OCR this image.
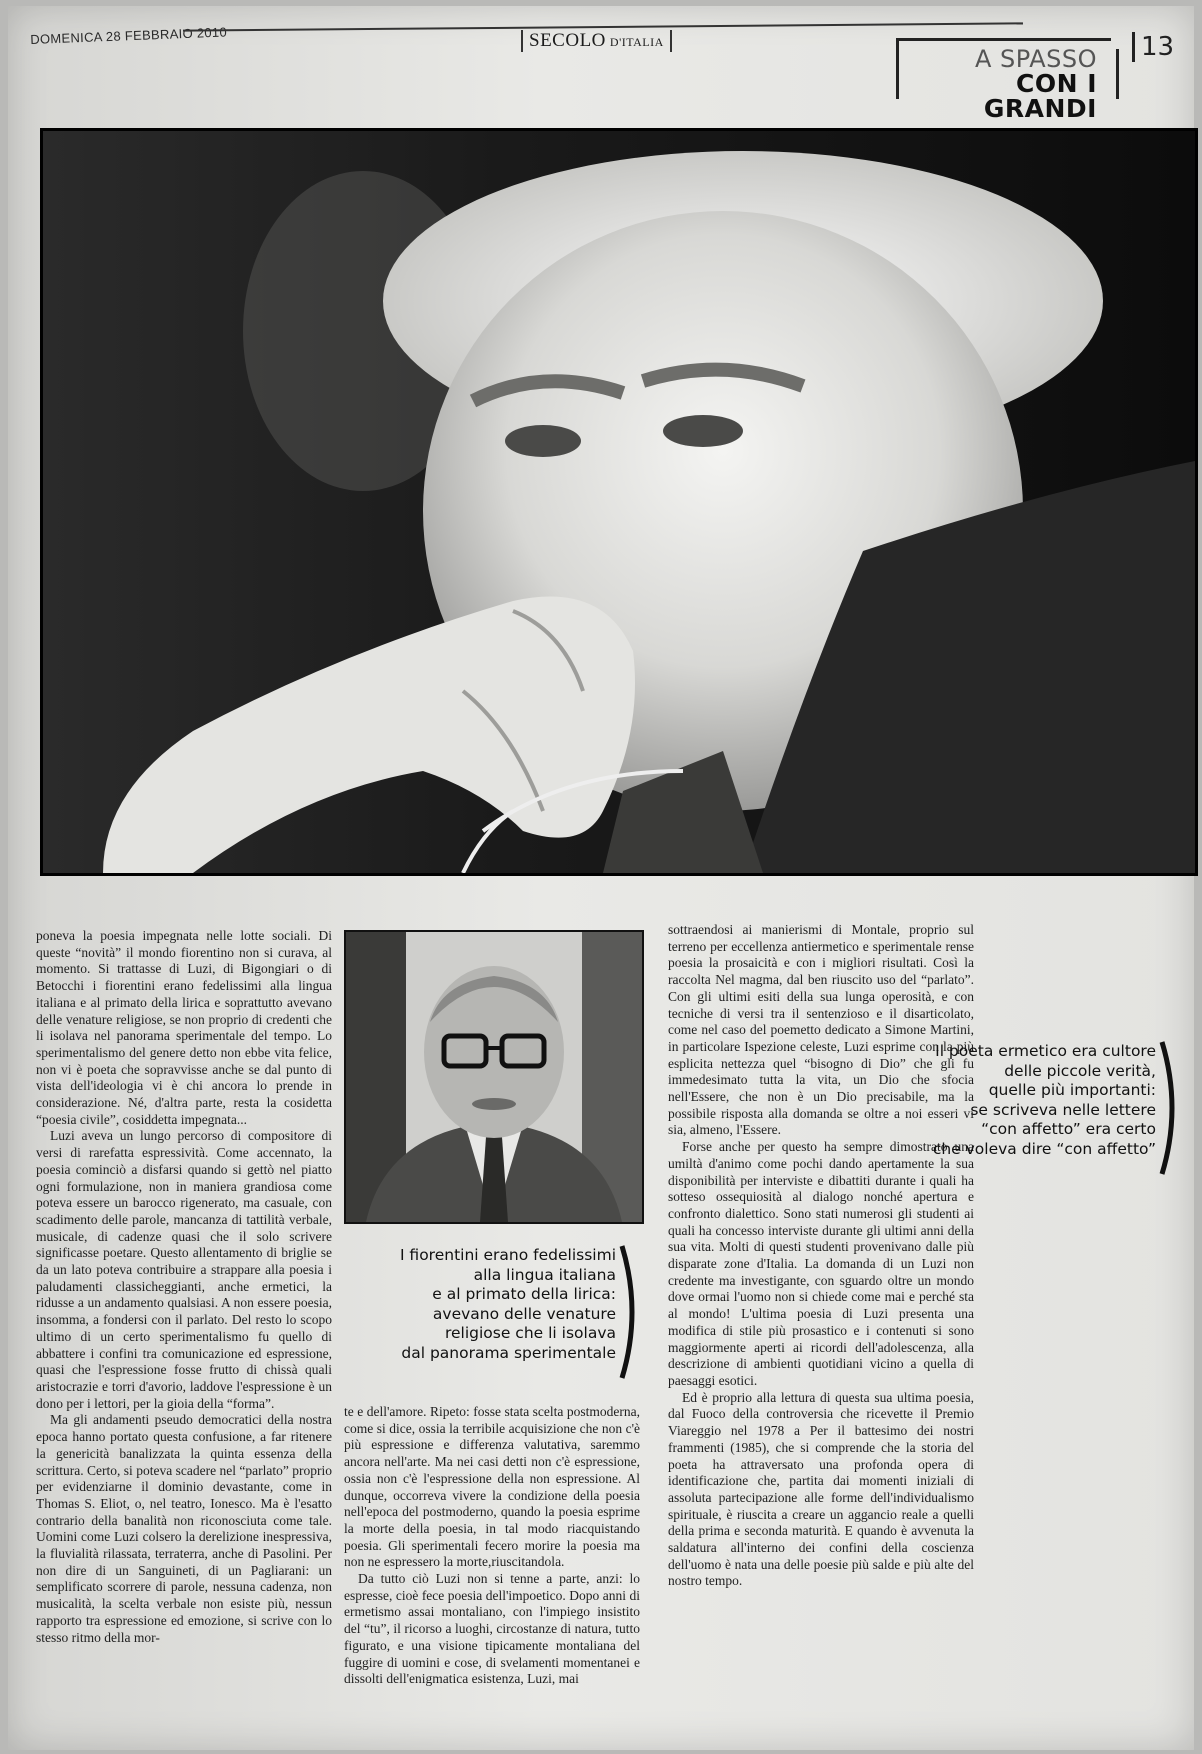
DOMENICA 28 FEBBRAIO 2010	SECOLO D'ITALIA
A SPASSO
CON I GRANDI
13

poneva la poesia impegnata nelle lotte sociali. Di queste “novità” il mondo fiorentino non si curava, al momento. Si trattasse di Luzi, di Bigongiari o di Betocchi i fiorentini erano fedelissimi alla lingua italiana e al primato della lirica e soprattutto avevano delle venature religiose, se non proprio di credenti che li isolava nel panorama sperimentale del tempo. Lo sperimentalismo del genere detto non ebbe vita felice, non vi è poeta che sopravvisse anche se dal punto di vista dell'ideologia vi è chi ancora lo prende in considerazione. Né, d'altra parte, resta la cosidetta “poesia civile”, cosiddetta impegnata...

Luzi aveva un lungo percorso di compositore di versi di rarefatta espressività. Come accennato, la poesia cominciò a disfarsi quando si gettò nel piatto ogni formulazione, non in maniera grandiosa come poteva essere un barocco rigenerato, ma casuale, con scadimento delle parole, mancanza di tattilità verbale, musicale, di cadenze quasi che il solo scrivere significasse poetare. Questo allentamento di briglie se da un lato poteva contribuire a strappare alla poesia i paludamenti classicheggianti, anche ermetici, la ridusse a un andamento qualsiasi. A non essere poesia, insomma, a fondersi con il parlato. Del resto lo scopo ultimo di un certo sperimentalismo fu quello di abbattere i confini tra comunicazione ed espressione, quasi che l'espressione fosse frutto di chissà quali aristocrazie e torri d'avorio, laddove l'espressione è un dono per i lettori, per la gioia della “forma”.

Ma gli andamenti pseudo democratici della nostra epoca hanno portato questa confusione, a far ritenere la genericità banalizzata la quinta essenza della scrittura. Certo, si poteva scadere nel “parlato” proprio per evidenziarne il dominio devastante, come in Thomas S. Eliot, o, nel teatro, Ionesco. Ma è l'esatto contrario della banalità non riconosciuta come tale. Uomini come Luzi colsero la derelizione inespressiva, la fluvialità rilassata, terraterra, anche di Pasolini. Per non dire di un Sanguineti, di un Pagliarani: un semplificato scorrere di parole, nessuna cadenza, non musicalità, la scelta verbale non esiste più, nessun rapporto tra espressione ed emozione, si scrive con lo stesso ritmo della mor-

I fiorentini erano fedelissimi
alla lingua italiana
e al primato della lirica:
avevano delle venature
religiose che li isolava
dal panorama sperimentale

te e dell'amore. Ripeto: fosse stata scelta postmoderna, come si dice, ossia la terribile acquisizione che non c'è più espressione e differenza valutativa, saremmo ancora nell'arte. Ma nei casi detti non c'è espressione, ossia non c'è l'espressione della non espressione. Al dunque, occorreva vivere la condizione della poesia nell'epoca del postmoderno, quando la poesia esprime la morte della poesia, in tal modo riacquistando poesia. Gli sperimentali fecero morire la poesia ma non ne espressero la morte,riuscitandola.

Da tutto ciò Luzi non si tenne a parte, anzi: lo espresse, cioè fece poesia dell'impoetico. Dopo anni di ermetismo assai montaliano, con l'impiego insistito del “tu”, il ricorso a luoghi, circostanze di natura, tutto figurato, e una visione tipicamente montaliana del fuggire di uomini e cose, di svelamenti momentanei e dissolti dell'enigmatica esistenza, Luzi, mai

sottraendosi ai manierismi di Montale, proprio sul terreno per eccellenza antiermetico e sperimentale rense poesia la prosaicità e con i migliori risultati. Così la raccolta Nel magma, dal ben riuscito uso del “parlato”. Con gli ultimi esiti della sua lunga operosità, e con tecniche di versi tra il sentenzioso e il disarticolato, come nel caso del poemetto dedicato a Simone Martini, in particolare Ispezione celeste, Luzi esprime con la più esplicita nettezza quel “bisogno di Dio” che gli fu immedesimato tutta la vita, un Dio che sfocia nell'Essere, che non è un Dio precisabile, ma la possibile risposta alla domanda se oltre a noi esseri vi sia, almeno, l'Essere.

Forse anche per questo ha sempre dimostrato una umiltà d'animo come pochi dando apertamente la sua disponibilità per interviste e dibattiti durante i quali ha sotteso ossequiosità al dialogo nonché apertura e confronto dialettico. Sono stati numerosi gli studenti ai quali ha concesso interviste durante gli ultimi anni della sua vita. Molti di questi studenti provenivano dalle più disparate zone d'Italia. La domanda di un Luzi non credente ma investigante, con sguardo oltre un mondo dove ormai l'uomo non si chiede come mai e perché sta al mondo! L'ultima poesia di Luzi presenta una modifica di stile più prosastico e i contenuti si sono maggiormente aperti ai ricordi dell'adolescenza, alla descrizione di ambienti quotidiani vicino a quella di paesaggi esotici.

Ed è proprio alla lettura di questa sua ultima poesia, dal Fuoco della controversia che ricevette il Premio Viareggio nel 1978 a Per il battesimo dei nostri frammenti (1985), che si comprende che la storia del poeta ha attraversato una profonda opera di identificazione che, partita dai momenti iniziali di assoluta partecipazione alle forme dell'individualismo spirituale, è riuscita a creare un aggancio reale a quelli della prima e seconda maturità. E quando è avvenuta la saldatura all'interno dei confini della coscienza dell'uomo è nata una delle poesie più salde e più alte del nostro tempo.

Il poeta ermetico era cultore
delle piccole verità,
quelle più importanti:
se scriveva nelle lettere
“con affetto” era certo
che voleva dire “con affetto”
